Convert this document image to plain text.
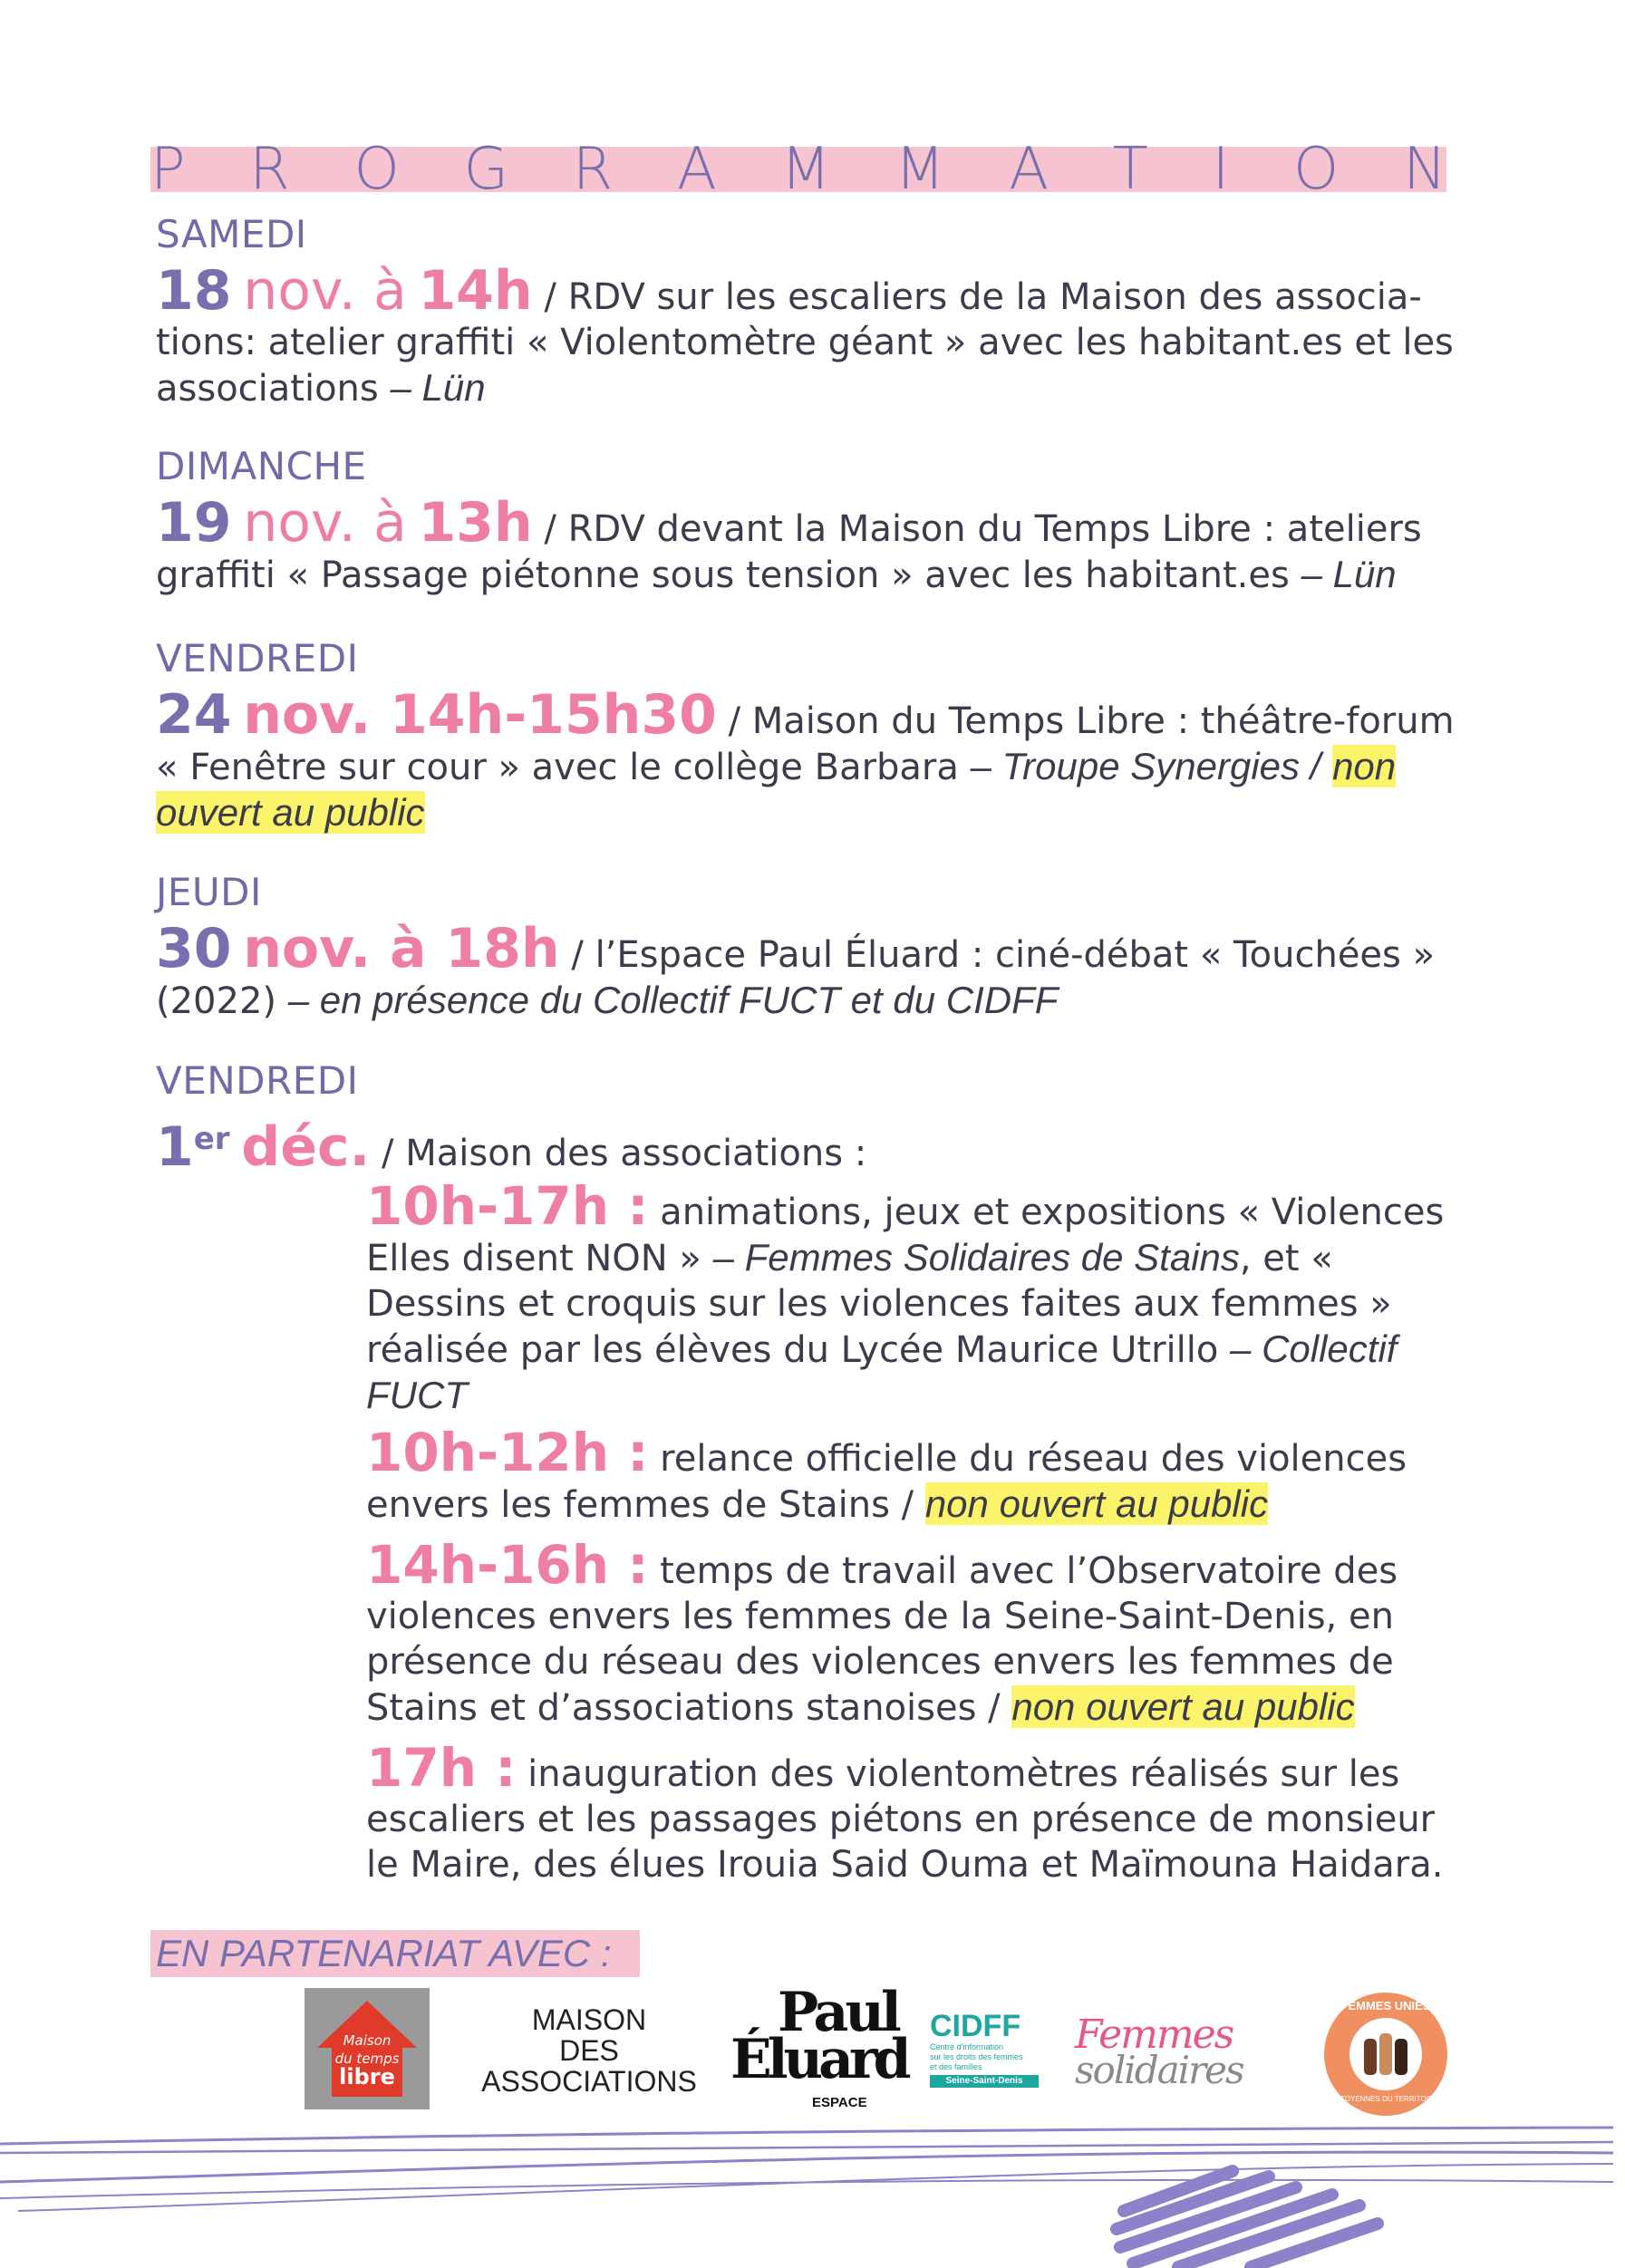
P R O G R A M M A T I O N
SAMEDI
18 nov. à 14h / RDV sur les escaliers de la Maison des associa-tions: atelier graffiti « Violentomètre géant » avec les habitant.es et les associations – Lün
DIMANCHE
19 nov. à 13h / RDV devant la Maison du Temps Libre : ateliers graffiti « Passage piétonne sous tension » avec les habitant.es – Lün
VENDREDI
24 nov. 14h-15h30 / Maison du Temps Libre : théâtre-forum « Fenêtre sur cour » avec le collège Barbara – Troupe Synergies / non ouvert au public
JEUDI
30 nov. à 18h / l’Espace Paul Éluard : ciné-débat « Touchées » (2022) – en présence du Collectif FUCT et du CIDFF
VENDREDI
1er déc. / Maison des associations :
10h-17h : animations, jeux et expositions « Violences Elles disent NON » – Femmes Solidaires de Stains, et « Dessins et croquis sur les violences faites aux femmes » réalisée par les élèves du Lycée Maurice Utrillo – Collectif FUCT
10h-12h : relance officielle du réseau des violences envers les femmes de Stains / non ouvert au public
14h-16h : temps de travail avec l’Observatoire des violences envers les femmes de la Seine-Saint-Denis, en présence du réseau des violences envers les femmes de Stains et d’associations stanoises / non ouvert au public
17h : inauguration des violentomètres réalisés sur les escaliers et les passages piétons en présence de monsieur le Maire, des élues Irouia Said Ouma et Maïmouna Haidara.
EN PARTENARIAT AVEC :
Maison
du temps
libre
MAISON
DES
ASSOCIATIONS
Paul
Éluard
ESPACE
CIDFF
Centre d’information
sur les droits des femmes
et des familles
Seine-Saint-Denis
Femmes
solidaires
FEMMES UNIES
CITOYENNES DU TERRITOIRE
